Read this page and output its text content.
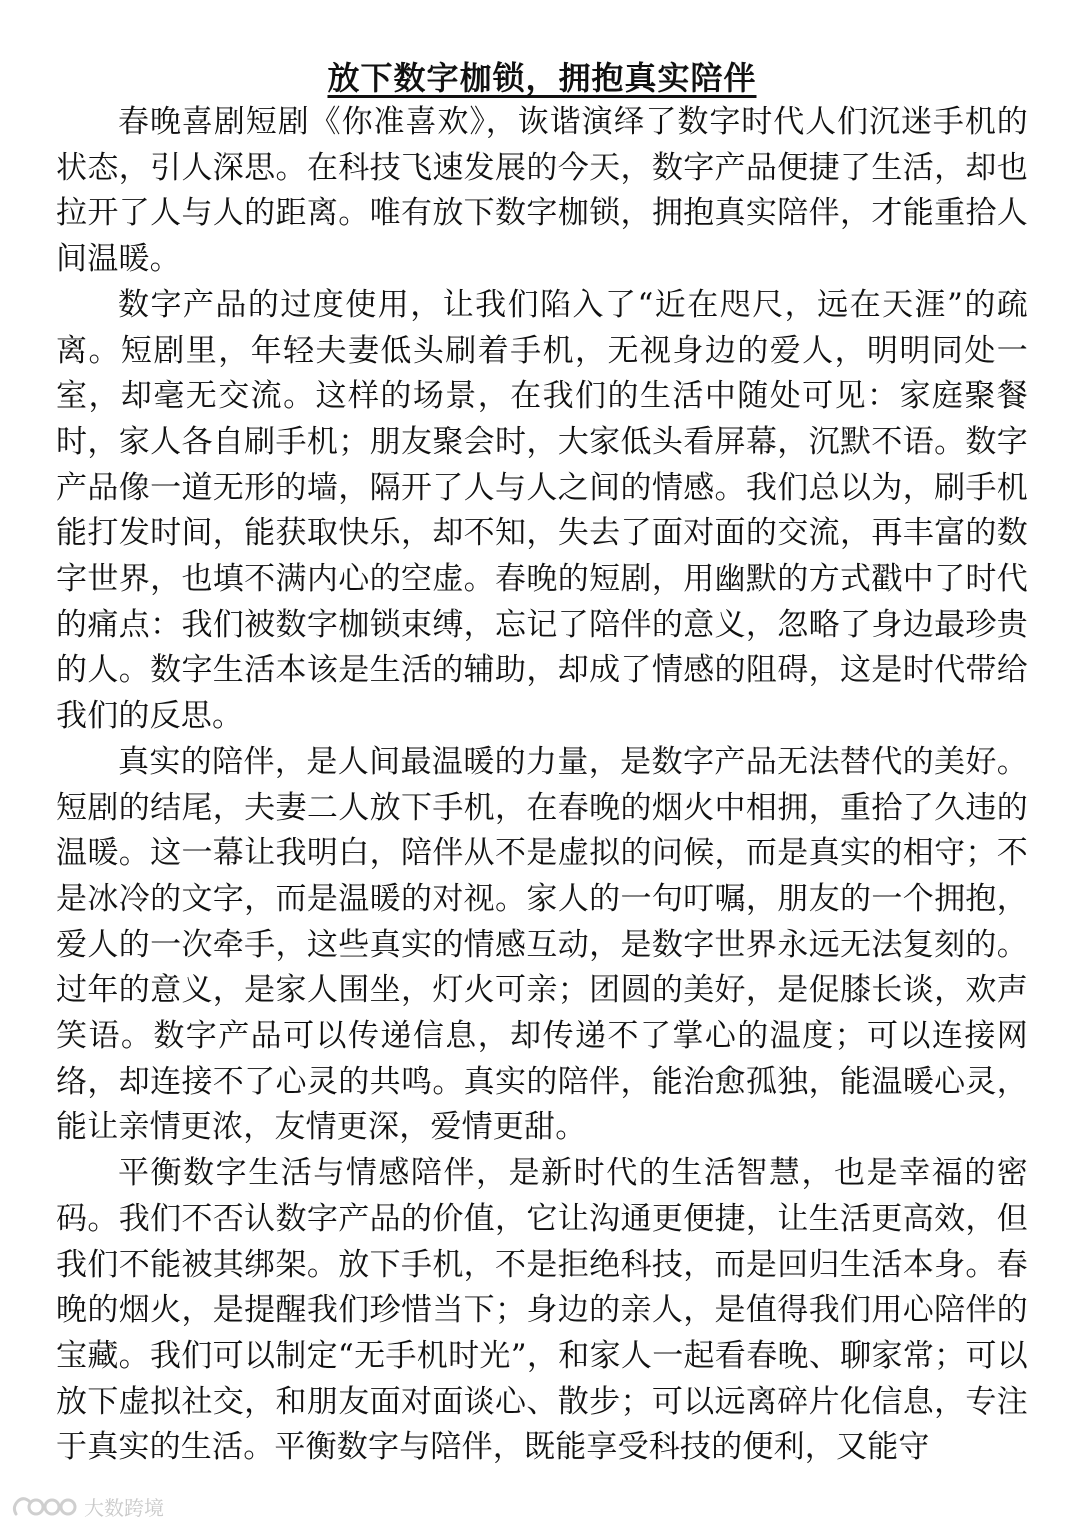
放下数字枷锁，拥抱真实陪伴

春晚喜剧短剧《你准喜欢》，诙谐演绎了数字时代人们沉迷手机的状态，引人深思。在科技飞速发展的今天，数字产品便捷了生活，却也拉开了人与人的距离。唯有放下数字枷锁，拥抱真实陪伴，才能重拾人间温暖。

数字产品的过度使用，让我们陷入了“近在咫尺，远在天涯”的疏离。短剧里，年轻夫妻低头刷着手机，无视身边的爱人，明明同处一室，却毫无交流。这样的场景，在我们的生活中随处可见：家庭聚餐时，家人各自刷手机；朋友聚会时，大家低头看屏幕，沉默不语。数字产品像一道无形的墙，隔开了人与人之间的情感。我们总以为，刷手机能打发时间，能获取快乐，却不知，失去了面对面的交流，再丰富的数字世界，也填不满内心的空虚。春晚的短剧，用幽默的方式戳中了时代的痛点：我们被数字枷锁束缚，忘记了陪伴的意义，忽略了身边最珍贵的人。数字生活本该是生活的辅助，却成了情感的阻碍，这是时代带给我们的反思。

真实的陪伴，是人间最温暖的力量，是数字产品无法替代的美好。短剧的结尾，夫妻二人放下手机，在春晚的烟火中相拥，重拾了久违的温暖。这一幕让我明白，陪伴从不是虚拟的问候，而是真实的相守；不是冰冷的文字，而是温暖的对视。家人的一句叮嘱，朋友的一个拥抱，爱人的一次牵手，这些真实的情感互动，是数字世界永远无法复刻的。过年的意义，是家人围坐，灯火可亲；团圆的美好，是促膝长谈，欢声笑语。数字产品可以传递信息，却传递不了掌心的温度；可以连接网络，却连接不了心灵的共鸣。真实的陪伴，能治愈孤独，能温暖心灵，能让亲情更浓，友情更深，爱情更甜。

平衡数字生活与情感陪伴，是新时代的生活智慧，也是幸福的密码。我们不否认数字产品的价值，它让沟通更便捷，让生活更高效，但我们不能被其绑架。放下手机，不是拒绝科技，而是回归生活本身。春晚的烟火，是提醒我们珍惜当下；身边的亲人，是值得我们用心陪伴的宝藏。我们可以制定“无手机时光”，和家人一起看春晚、聊家常；可以放下虚拟社交，和朋友面对面谈心、散步；可以远离碎片化信息，专注于真实的生活。平衡数字与陪伴，既能享受科技的便利，又能守

大数跨境
